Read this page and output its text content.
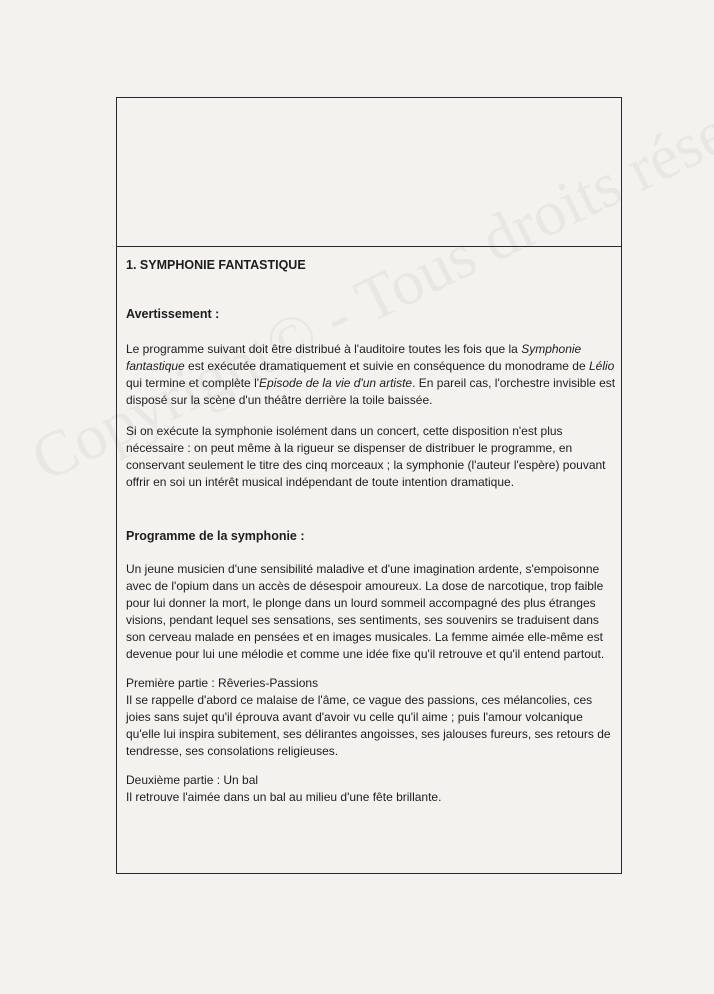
1. SYMPHONIE FANTASTIQUE

Avertissement :

Le programme suivant doit être distribué à l'auditoire toutes les fois que la Symphonie fantastique est exécutée dramatiquement et suivie en conséquence du monodrame de Lélio qui termine et complète l'Episode de la vie d'un artiste. En pareil cas, l'orchestre invisible est disposé sur la scène d'un théâtre derrière la toile baissée.

Si on exécute la symphonie isolément dans un concert, cette disposition n'est plus nécessaire : on peut même à la rigueur se dispenser de distribuer le programme, en conservant seulement le titre des cinq morceaux ; la symphonie (l'auteur l'espère) pouvant offrir en soi un intérêt musical indépendant de toute intention dramatique.

Programme de la symphonie :

Un jeune musicien d'une sensibilité maladive et d'une imagination ardente, s'empoisonne avec de l'opium dans un accès de désespoir amoureux. La dose de narcotique, trop faible pour lui donner la mort, le plonge dans un lourd sommeil accompagné des plus étranges visions, pendant lequel ses sensations, ses sentiments, ses souvenirs se traduisent dans son cerveau malade en pensées et en images musicales. La femme aimée elle-même est devenue pour lui une mélodie et comme une idée fixe qu'il retrouve et qu'il entend partout.

Première partie : Rêveries-Passions

Il se rappelle d'abord ce malaise de l'âme, ce vague des passions, ces mélancolies, ces joies sans sujet qu'il éprouva avant d'avoir vu celle qu'il aime ; puis l'amour volcanique qu'elle lui inspira subitement, ses délirantes angoisses, ses jalouses fureurs, ses retours de tendresse, ses consolations religieuses.

Deuxième partie : Un bal

Il retrouve l'aimée dans un bal au milieu d'une fête brillante.
